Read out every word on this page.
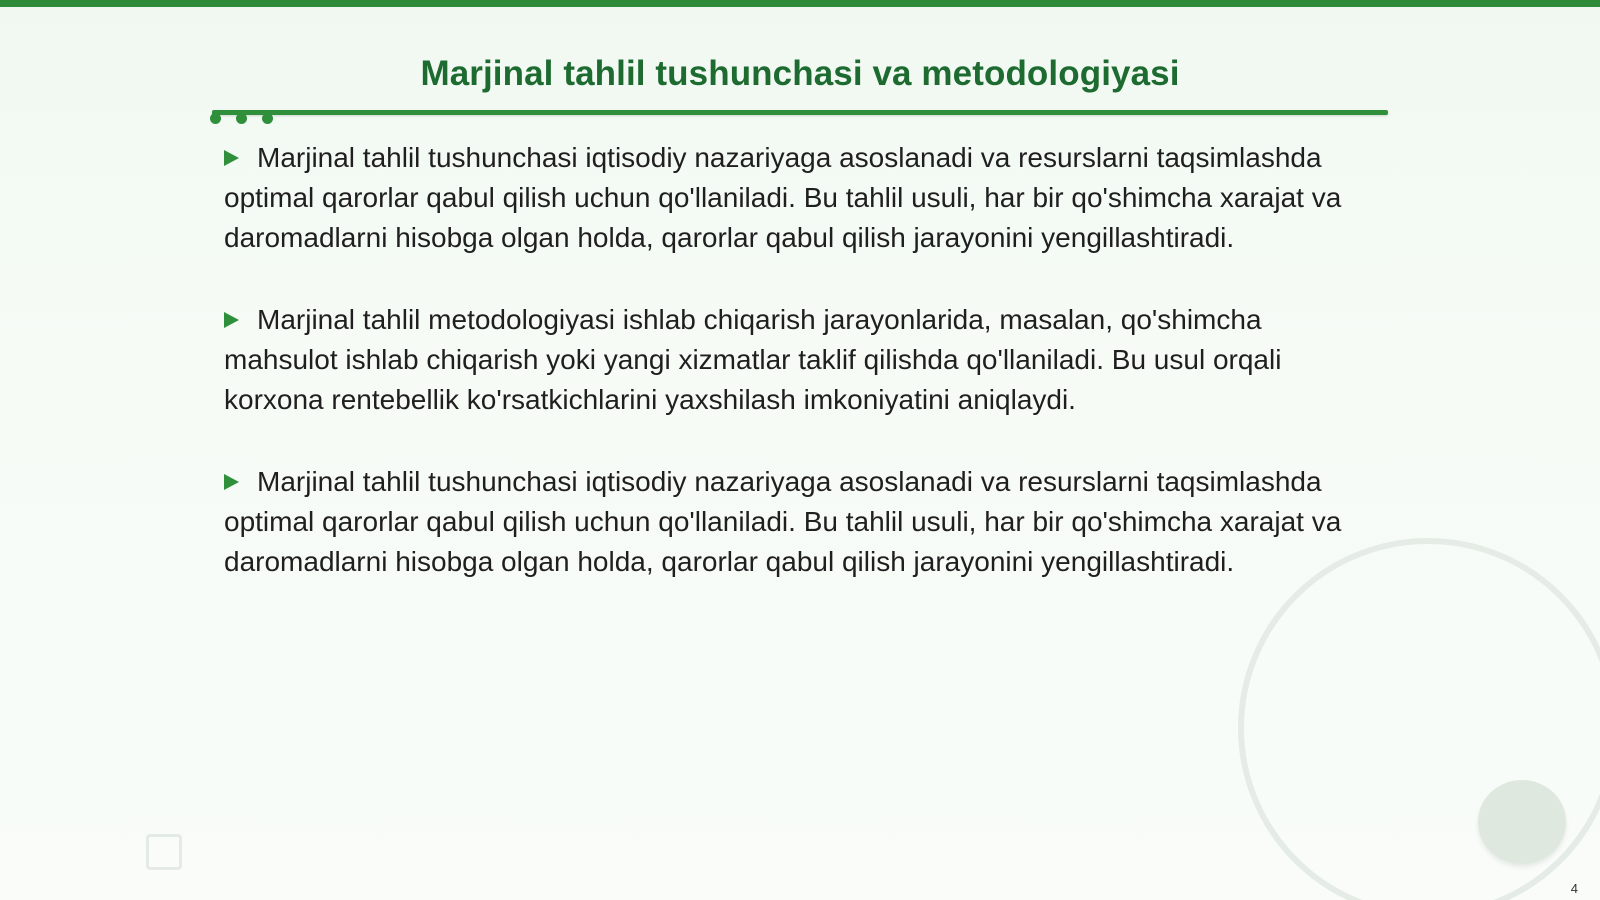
Marjinal tahlil tushunchasi va metodologiyasi

Marjinal tahlil tushunchasi iqtisodiy nazariyaga asoslanadi va resurslarni taqsimlashda optimal qarorlar qabul qilish uchun qo'llaniladi. Bu tahlil usuli, har bir qo'shimcha xarajat va daromadlarni hisobga olgan holda, qarorlar qabul qilish jarayonini yengillashtiradi.

Marjinal tahlil metodologiyasi ishlab chiqarish jarayonlarida, masalan, qo'shimcha mahsulot ishlab chiqarish yoki yangi xizmatlar taklif qilishda qo'llaniladi. Bu usul orqali korxona rentebellik ko'rsatkichlarini yaxshilash imkoniyatini aniqlaydi.

Marjinal tahlil tushunchasi iqtisodiy nazariyaga asoslanadi va resurslarni taqsimlashda optimal qarorlar qabul qilish uchun qo'llaniladi. Bu tahlil usuli, har bir qo'shimcha xarajat va daromadlarni hisobga olgan holda, qarorlar qabul qilish jarayonini yengillashtiradi.

4
